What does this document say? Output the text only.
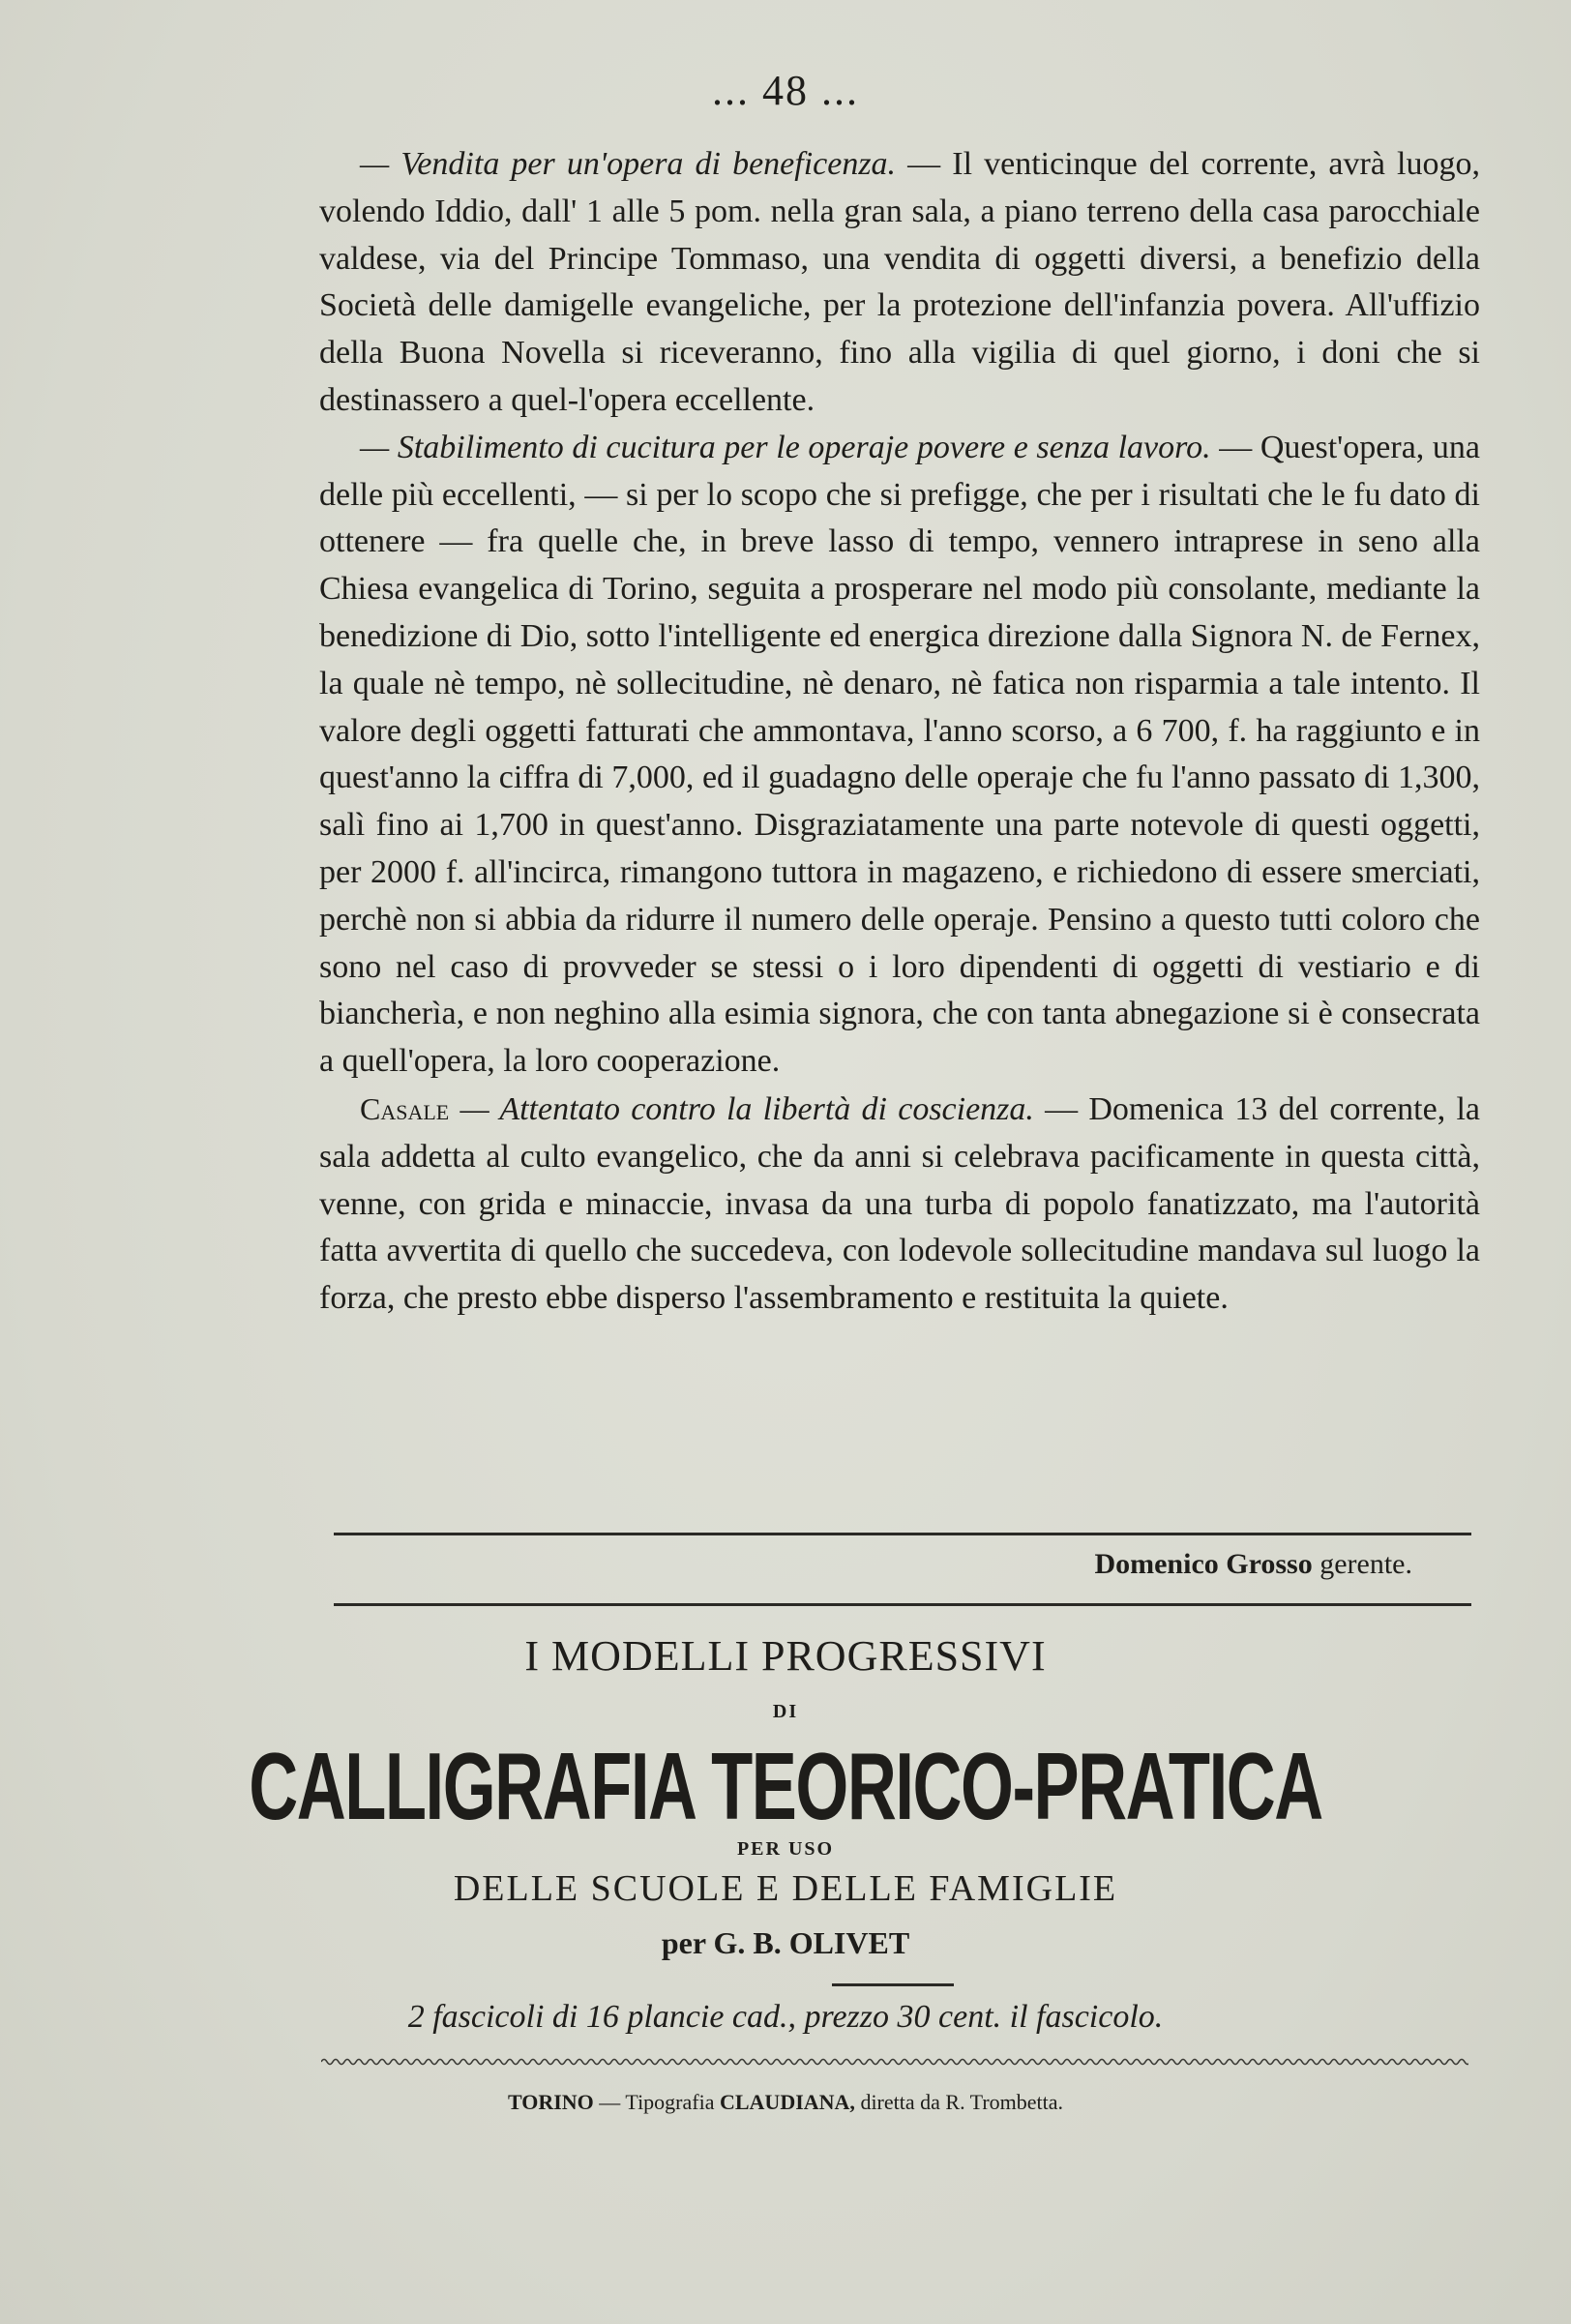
... 48 ...

— Vendita per un'opera di beneficenza. — Il venticinque del corrente, avrà luogo, volendo Iddio, dall' 1 alle 5 pom. nella gran sala, a piano terreno della casa parocchiale valdese, via del Principe Tommaso, una vendita di oggetti diversi, a benefizio della Società delle damigelle evangeliche, per la protezione dell'infanzia povera. All'uffizio della Buona Novella si riceveranno, fino alla vigilia di quel giorno, i doni che si destinassero a quel-l'opera eccellente.

— Stabilimento di cucitura per le operaje povere e senza lavoro. — Quest'opera, una delle più eccellenti, — si per lo scopo che si prefigge, che per i risultati che le fu dato di ottenere — fra quelle che, in breve lasso di tempo, vennero intraprese in seno alla Chiesa evangelica di Torino, seguita a prosperare nel modo più consolante, mediante la benedizione di Dio, sotto l'intelligente ed energica direzione dalla Signora N. de Fernex, la quale nè tempo, nè sollecitudine, nè denaro, nè fatica non risparmia a tale intento. Il valore degli oggetti fatturati che ammontava, l'anno scorso, a 6 700, f. ha raggiunto e in quest'anno la ciffra di 7,000, ed il guadagno delle operaje che fu l'anno passato di 1,300, salì fino ai 1,700 in quest'anno. Disgraziatamente una parte notevole di questi oggetti, per 2000 f. all'incirca, rimangono tuttora in magazeno, e richiedono di essere smerciati, perchè non si abbia da ridurre il numero delle operaje. Pensino a questo tutti coloro che sono nel caso di provveder se stessi o i loro dipendenti di oggetti di vestiario e di biancherìa, e non neghino alla esimia signora, che con tanta abnegazione si è consecrata a quell'opera, la loro cooperazione.

Casale — Attentato contro la libertà di coscienza. — Domenica 13 del corrente, la sala addetta al culto evangelico, che da anni si celebrava pacificamente in questa città, venne, con grida e minaccie, invasa da una turba di popolo fanatizzato, ma l'autorità fatta avvertita di quello che succedeva, con lodevole sollecitudine mandava sul luogo la forza, che presto ebbe disperso l'assembramento e restituita la quiete.

Domenico Grosso gerente.
I MODELLI PROGRESSIVI
DI
CALLIGRAFIA TEORICO-PRATICA
PER USO
DELLE SCUOLE E DELLE FAMIGLIE
per G. B. OLIVET
2 fascicoli di 16 plancie cad., prezzo 30 cent. il fascicolo.
TORINO — Tipografia CLAUDIANA, diretta da R. Trombetta.
